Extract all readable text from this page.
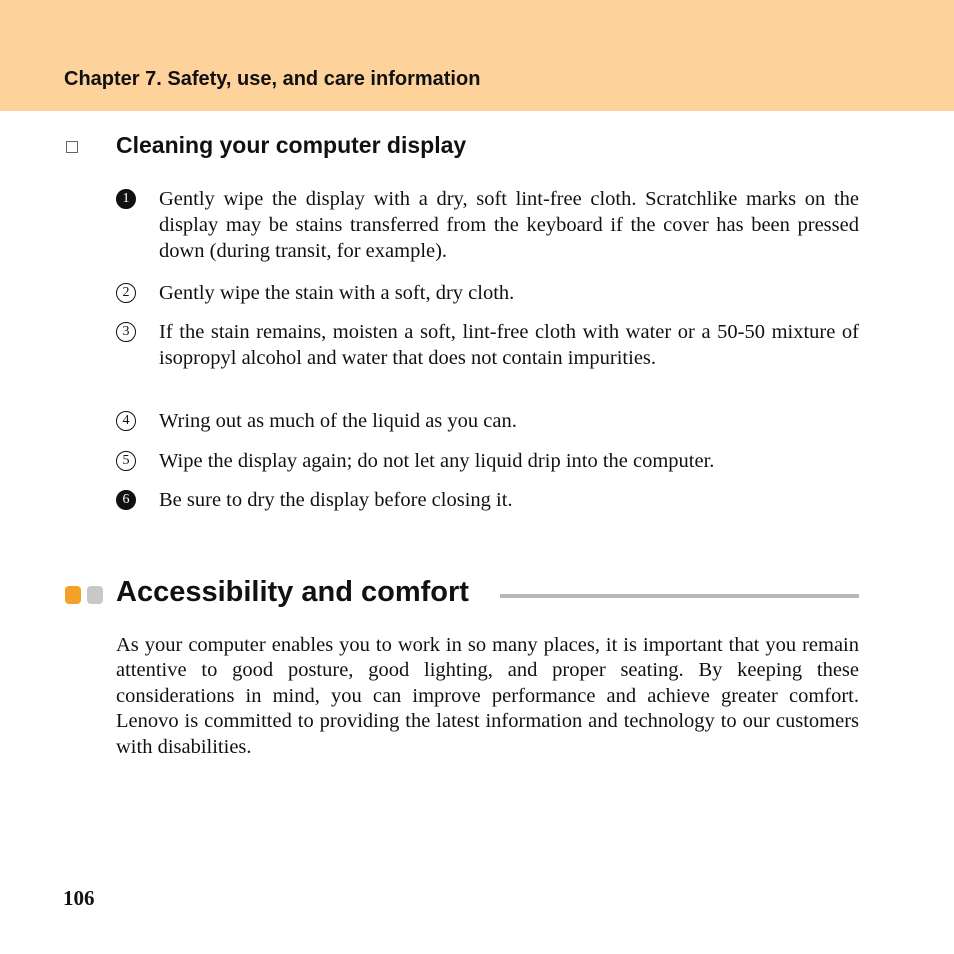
Chapter 7. Safety, use, and care information
Cleaning your computer display
1	Gently wipe the display with a dry, soft lint-free cloth. Scratchlike marks on the display may be stains transferred from the keyboard if the cover has been pressed down (during transit, for example).
2	Gently wipe the stain with a soft, dry cloth.
3	If the stain remains, moisten a soft, lint-free cloth with water or a 50-50 mixture of isopropyl alcohol and water that does not contain impurities.
4	Wring out as much of the liquid as you can.
5	Wipe the display again; do not let any liquid drip into the computer.
6	Be sure to dry the display before closing it.
Accessibility and comfort
As your computer enables you to work in so many places, it is important that you remain attentive to good posture, good lighting, and proper seating. By keeping these considerations in mind, you can improve performance and achieve greater comfort. Lenovo is committed to providing the latest information and technology to our customers with disabilities.
106
